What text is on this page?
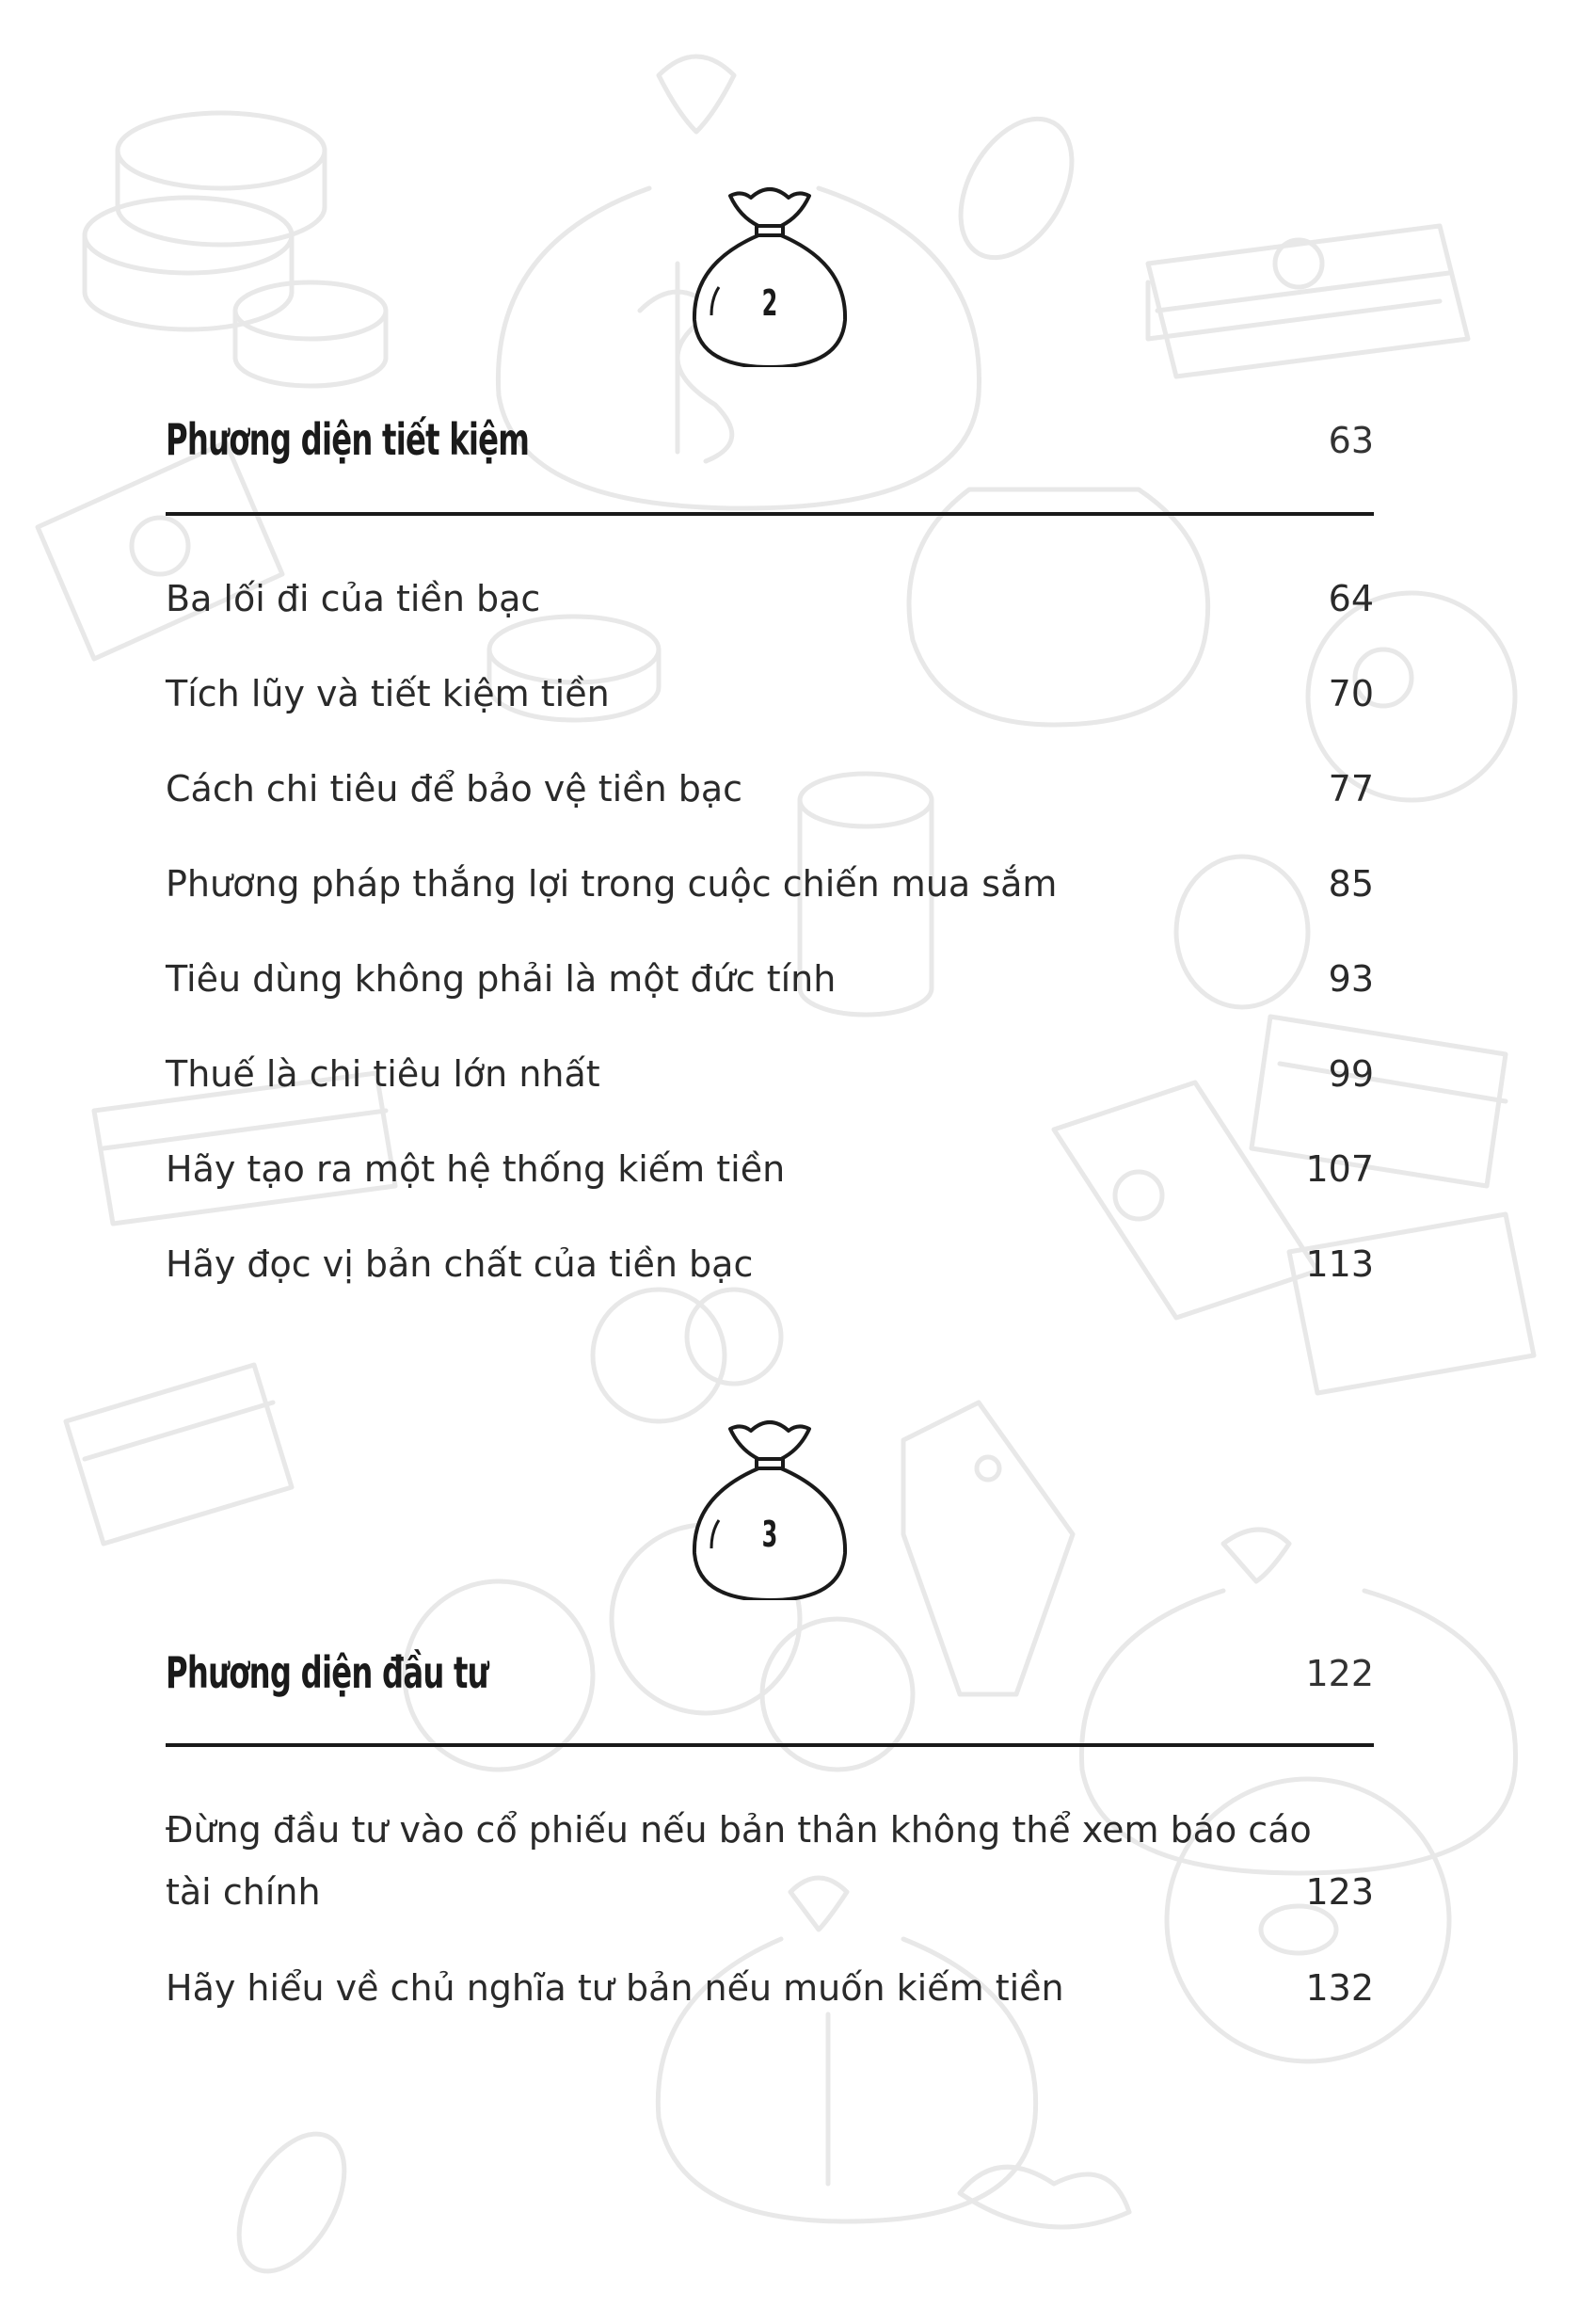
2
Phương diện tiết kiệm	63
Ba lối đi của tiền bạc	64
Tích lũy và tiết kiệm tiền	70
Cách chi tiêu để bảo vệ tiền bạc	77
Phương pháp thắng lợi trong cuộc chiến mua sắm	85
Tiêu dùng không phải là một đức tính	93
Thuế là chi tiêu lớn nhất	99
Hãy tạo ra một hệ thống kiếm tiền	107
Hãy đọc vị bản chất của tiền bạc	113
3
Phương diện đầu tư	122
Đừng đầu tư vào cổ phiếu nếu bản thân không thể xem báo cáo
tài chính	123
Hãy hiểu về chủ nghĩa tư bản nếu muốn kiếm tiền	132
